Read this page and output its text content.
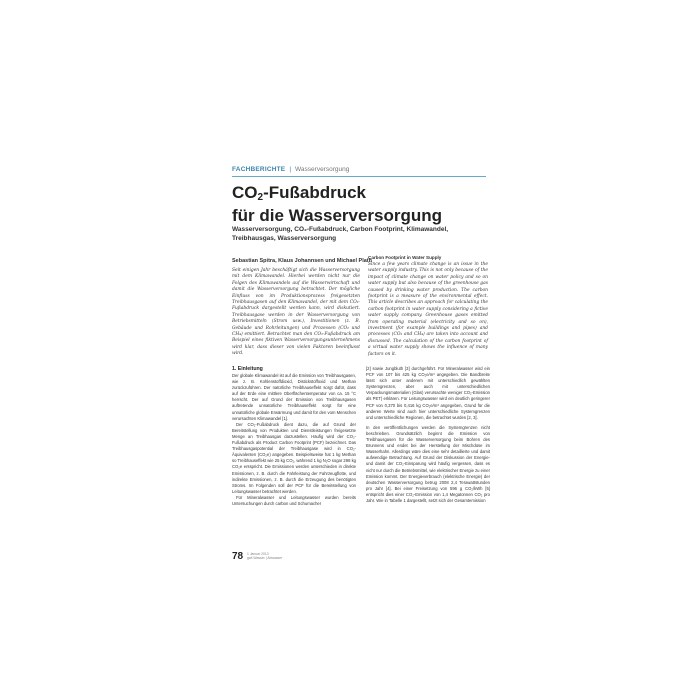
FACHBERICHTE | Wasserversorgung
$CO_2$-Fußabdruck
für die Wasserversorgung
Wasserversorgung, CO₂-Fußabdruck, Carbon Footprint, Klimawandel, Treibhausgas, Wasserversorgung
Sebastian Spitra, Klaus Johannsen und Michael Plath
Seit einigen Jahr beschäftigt sich die Wasserversorgung mit dem Klimawandel. Hierbei werden nicht nur die Folgen des Klimawandels auf die Wasserwirtschaft und damit die Wasserversorgung betrachtet. Der mögliche Einfluss von im Produktionsprozess freigesetzten Treibhausgasen auf den Klimawandel, der mit dem CO₂-Fußabdruck dargestellt werden kann, wird diskutiert. Treibhausgase werden in der Wasserversorgung von Betriebsmitteln (Strom usw.), Investitionen (z. B. Gebäude und Rohrleitungen) und Prozessen (CO₂ und CH₄) emittiert. Betrachtet man den CO₂-Fußabdruck am Beispiel eines fiktiven Wasserversorgungsunternehmens wird klar, dass dieser von vielen Faktoren beeinflusst wird.
Carbon Footprint in Water Supply
Since a few years climate change is an issue in the water supply industry. This is not only because of the impact of climate change on water policy and so on water supply but also because of the greenhouse gas caused by drinking water production. The carbon footprint is a measure of the environmental effect. This article describes an approach for calculating the carbon footprint in water supply considering a fictive water supply company. Greenhouse gases emitted from operating material (electricity and so on), investment (for example buildings and pipes) and processes (CO₂ and CH₄) are taken into account and discussed. The calculation of the carbon footprint of a virtual water supply shows the influence of many factors on it.
1. Einleitung

Der globale Klimawandel ist auf die Emission von Treibhausgasen, wie z. B. Kohlenstoffdioxid, Distickstoffoxid und Methan zurückzuführen. Der natürliche Treibhauseffekt sorgt dafür, dass auf der Erde eine mittlere Oberflächentemperatur von ca. 15 °C herrscht. Der auf Grund der Emission von Treibhausgasen auftretende unnatürliche Treibhauseffekt sorgt für eine unnatürliche globale Erwärmung und damit für den vom Menschen verursachten Klimawandel [1].

Der CO₂-Fußabdruck dient dazu, die auf Grund der Bereitstellung von Produkten und Dienstleistungen freigesetzte Menge an Treibhausgas darzustellen. Häufig wird der CO₂-Fußabdruck als Product Carbon Footprint (PCF) bezeichnet. Das Treibhausgaspotential der Treibhausgase wird in CO₂-Äquivalenten (CO₂e) angegeben. Beispielsweise hat 1 kg Methan so Treibhauseffekt wie 25 kg CO₂, während 1 kg N₂O sogar 298 kg CO₂e entspricht. Die Emissionen werden unterschieden in direkte Emissionen, z. B. durch die Fahrleistung der Fahrzeugflotte, und indirekte Emissionen, z. B. durch die Erzeugung des benötigten Stroms. Im Folgenden soll der PCF für die Bereitstellung von Leitungswasser betrachtet werden.

Für Mineralwasser und Leitungswasser wurden bereits Untersuchungen durch carbon und Schumacher

[2] sowie Jungbluth [3] durchgeführt. Für Mineralwasser wird ein PCF von 107 bis 425 kg CO₂e/m³ angegeben. Die Bandbreite lässt sich unter anderem mit unterschiedlich gewählten Systemgrenzen, aber auch mit unterschiedlichen Verpackungsmaterialien (Glas) verursachte weniger CO₂-Emission als PET) erklären. Für Leitungswasser wird ein deutlich geringerer PCF von 0,370 bis 0,416 kg CO₂e/m³ angegeben, Grund für die anderen Werte sind auch hier unterschiedliche Systemgrenzen und unterschiedliche Regionen, die betrachtet wurden [2, 3].

In den veröffentlichungen werden die Systemgrenzen nicht beschrieben. Grundsätzlich beginnt die Emission von Treibhausgasen für die Wasserversorgung beim Bohren des Brunnens und endet bei der Herstellung der Mischdüse im Wasserhahn. Allerdings wäre dies eine sehr detaillierte und damit aufwendige Betrachtung. Auf Grund der Diskussion der Energie- und damit der CO₂-Einsparung wird häufig vergessen, dass es nicht nur durch die Betriebsmittel, wie elektrischer Energie zu einer Emission kommt. Der Energieverbrauch (elektrische Energie) der deutschen Wasserversorgung betrug 2008 2,4 Terawattstunden pro Jahr [4]. Bei einer Freisetzung von 596 g CO₂/kWh [5] entspricht dies einer CO₂-Emission von 1,4 Megatonnen CO₂ pro Jahr. Wie in Tabelle 1 dargestellt, setzt sich der Gesamtemission

78 1 Januar 2013
gwf-Wasser | Abwasser
